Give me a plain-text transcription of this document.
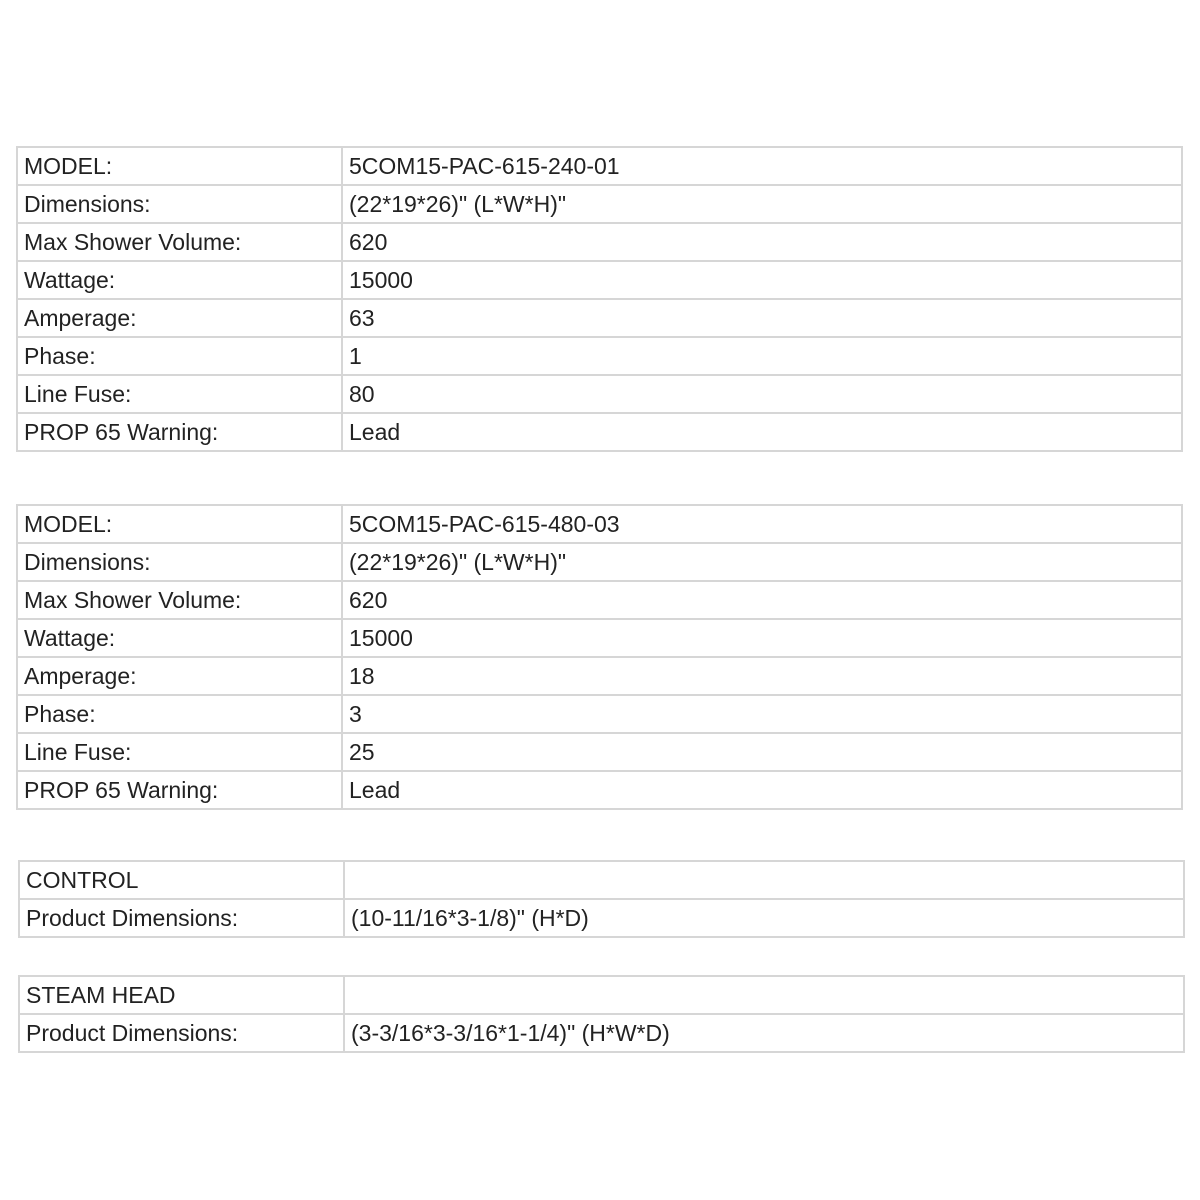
MODEL:	5COM15-PAC-615-240-01
Dimensions:	(22*19*26)" (L*W*H)"
Max Shower Volume:	620
Wattage:	15000
Amperage:	63
Phase:	1
Line Fuse:	80
PROP 65 Warning:	Lead
MODEL:	5COM15-PAC-615-480-03
Dimensions:	(22*19*26)" (L*W*H)"
Max Shower Volume:	620
Wattage:	15000
Amperage:	18
Phase:	3
Line Fuse:	25
PROP 65 Warning:	Lead
CONTROL	
Product Dimensions:	(10-11/16*3-1/8)" (H*D)
STEAM HEAD	
Product Dimensions:	(3-3/16*3-3/16*1-1/4)" (H*W*D)
